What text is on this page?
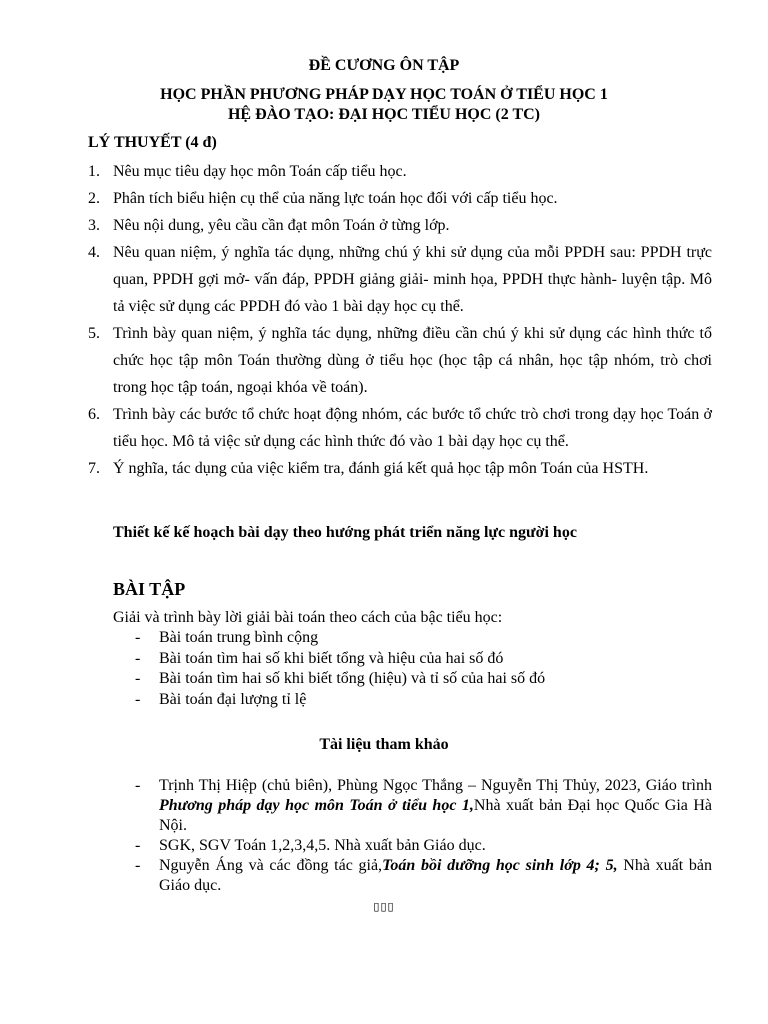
ĐỀ CƯƠNG ÔN TẬP
HỌC PHẦN PHƯƠNG PHÁP DẠY HỌC TOÁN Ở TIỂU HỌC 1
HỆ ĐÀO TẠO: ĐẠI HỌC TIỂU HỌC (2 TC)
LÝ THUYẾT (4 đ)
1. Nêu mục tiêu dạy học môn Toán cấp tiểu học.
2. Phân tích biểu hiện cụ thể của năng lực toán học đối với cấp tiểu học.
3. Nêu nội dung, yêu cầu cần đạt môn Toán ở từng lớp.
4. Nêu quan niệm, ý nghĩa tác dụng, những chú ý khi sử dụng của mỗi PPDH sau: PPDH trực quan, PPDH gợi mở- vấn đáp, PPDH giảng giải- minh họa, PPDH thực hành- luyện tập. Mô tả việc sử dụng các PPDH đó vào 1 bài dạy học cụ thể.
5. Trình bày quan niệm, ý nghĩa tác dụng, những điều cần chú ý khi sử dụng các hình thức tổ chức học tập môn Toán thường dùng ở tiểu học (học tập cá nhân, học tập nhóm, trò chơi trong học tập toán, ngoại khóa về toán).
6. Trình bày các bước tổ chức hoạt động nhóm, các bước tổ chức trò chơi trong dạy học Toán ở tiểu học. Mô tả việc sử dụng các hình thức đó vào 1 bài dạy học cụ thể.
7. Ý nghĩa, tác dụng của việc kiểm tra, đánh giá kết quả học tập môn Toán của HSTH.
Thiết kế kế hoạch bài dạy theo hướng phát triển năng lực người học
BÀI TẬP
Giải và trình bày lời giải bài toán theo cách của bậc tiểu học:
- Bài toán trung bình cộng
- Bài toán tìm hai số khi biết tổng và hiệu của hai số đó
- Bài toán tìm hai số khi biết tổng (hiệu) và tỉ số của hai số đó
- Bài toán đại lượng tỉ lệ
Tài liệu tham khảo
- Trịnh Thị Hiệp (chủ biên), Phùng Ngọc Thắng – Nguyễn Thị Thủy, 2023, Giáo trình Phương pháp dạy học môn Toán ở tiểu học 1,Nhà xuất bản Đại học Quốc Gia Hà Nội.
- SGK, SGV Toán 1,2,3,4,5. Nhà xuất bản Giáo dục.
- Nguyễn Áng và các đồng tác giả,Toán bồi dưỡng học sinh lớp 4; 5, Nhà xuất bản Giáo dục.
▯▯▯
